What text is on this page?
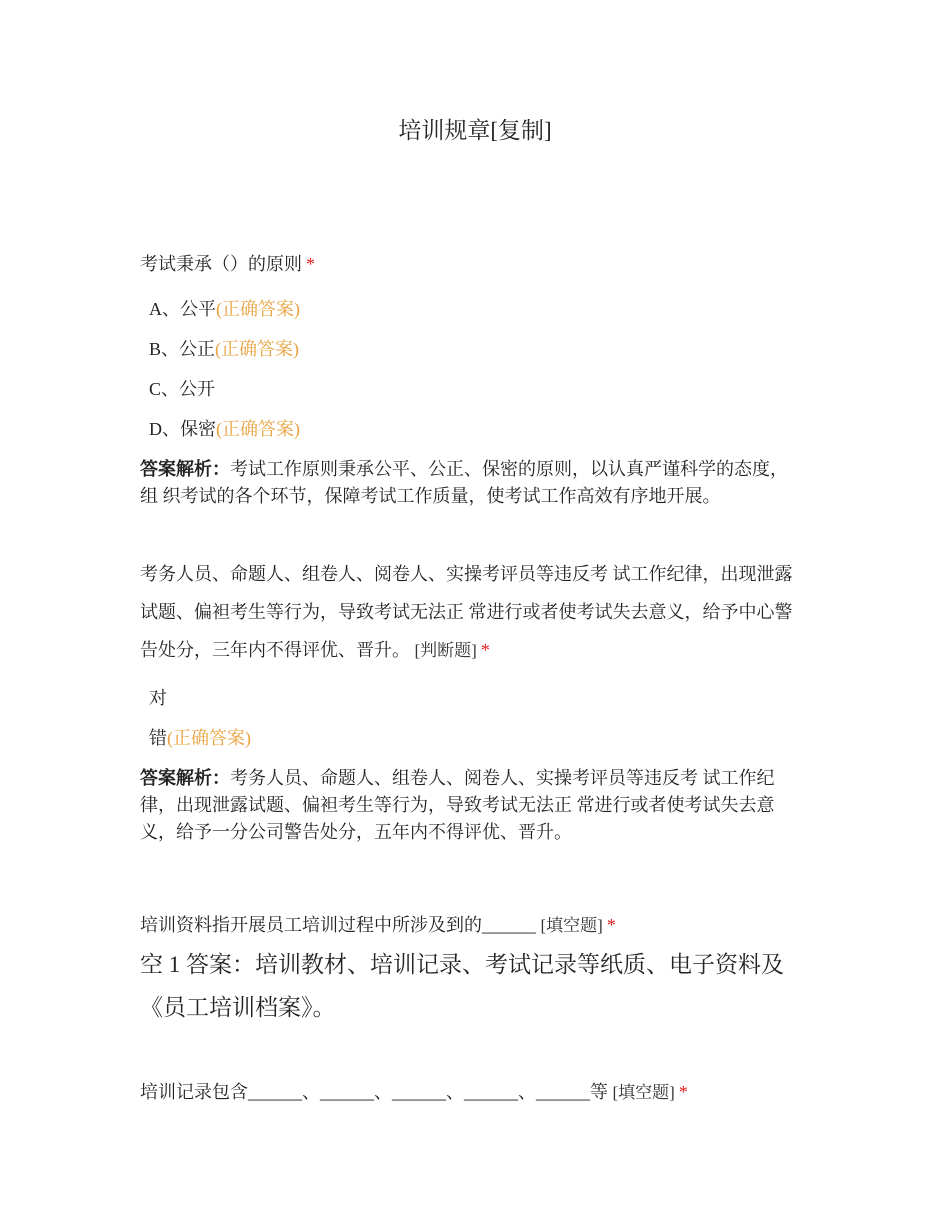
培训规章[复制]
考试秉承（）的原则 *
A、公平(正确答案)
B、公正(正确答案)
C、公开
D、保密(正确答案)
答案解析：考试工作原则秉承公平、公正、保密的原则，以认真严谨科学的态度，组 织考试的各个环节，保障考试工作质量，使考试工作高效有序地开展。
考务人员、命题人、组卷人、阅卷人、实操考评员等违反考 试工作纪律，出现泄露试题、偏袒考生等行为，导致考试无法正 常进行或者使考试失去意义，给予中心警告处分，三年内不得评优、晋升。 [判断题] *
对
错(正确答案)
答案解析：考务人员、命题人、组卷人、阅卷人、实操考评员等违反考 试工作纪律，出现泄露试题、偏袒考生等行为，导致考试无法正 常进行或者使考试失去意义，给予一分公司警告处分，五年内不得评优、晋升。
培训资料指开展员工培训过程中所涉及到的______ [填空题] *
空 1 答案：培训教材、培训记录、考试记录等纸质、电子资料及《员工培训档案》。
培训记录包含______、______、______、______、______等 [填空题] *
